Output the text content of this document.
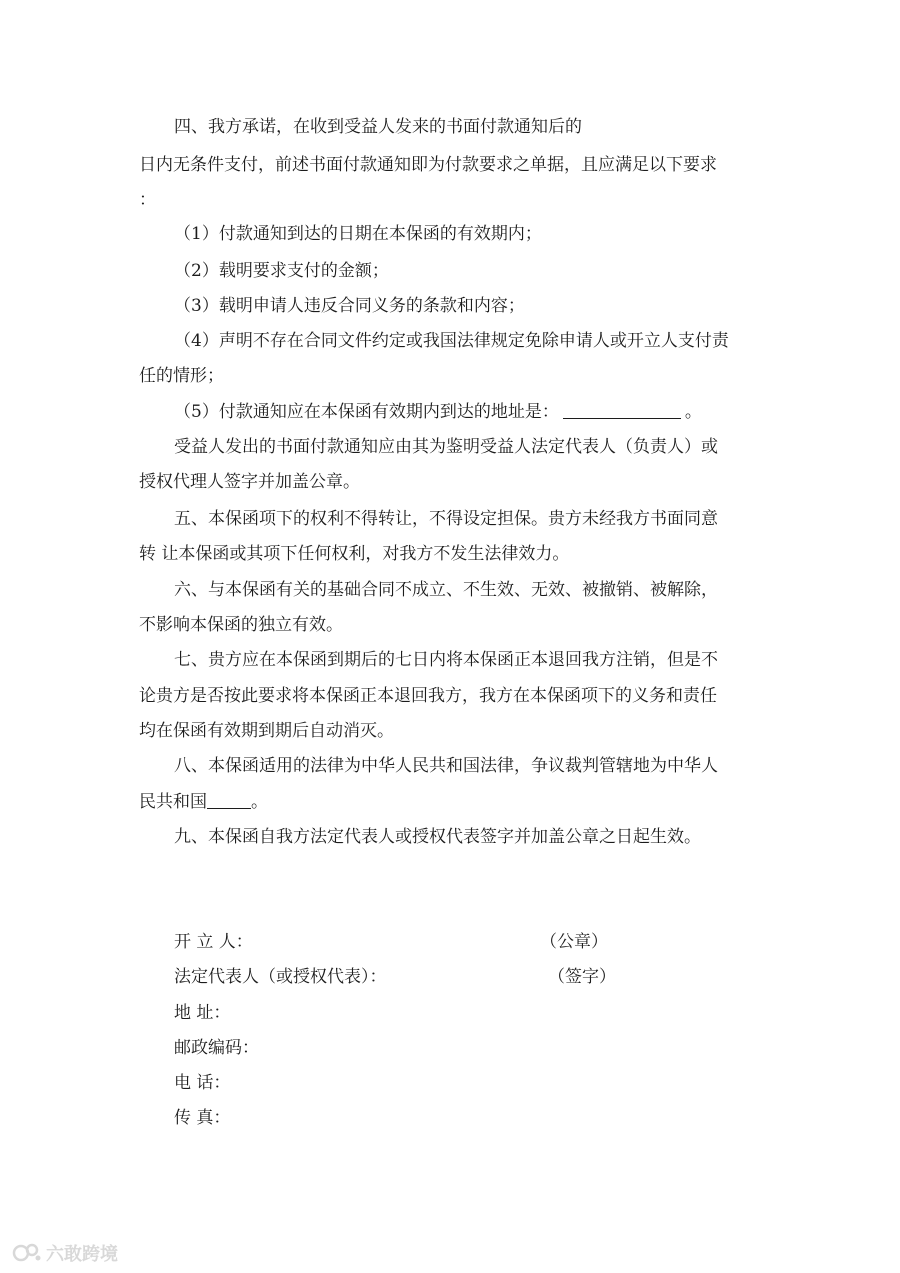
四、我方承诺，在收到受益人发来的书面付款通知后的
日内无条件支付，前述书面付款通知即为付款要求之单据，且应满足以下要求
：
（1）付款通知到达的日期在本保函的有效期内；
（2）载明要求支付的金额；
（3）载明申请人违反合同义务的条款和内容；
（4）声明不存在合同文件约定或我国法律规定免除申请人或开立人支付责
任的情形；
（5）付款通知应在本保函有效期内到达的地址是：	。
受益人发出的书面付款通知应由其为鉴明受益人法定代表人（负责人）或
授权代理人签字并加盖公章。
五、本保函项下的权利不得转让，不得设定担保。贵方未经我方书面同意
转 让本保函或其项下任何权利，对我方不发生法律效力。
六、与本保函有关的基础合同不成立、不生效、无效、被撤销、被解除，
不影响本保函的独立有效。
七、贵方应在本保函到期后的七日内将本保函正本退回我方注销，但是不
论贵方是否按此要求将本保函正本退回我方，我方在本保函项下的义务和责任
均在保函有效期到期后自动消灭。
八、本保函适用的法律为中华人民共和国法律，争议裁判管辖地为中华人
民共和国	。
九、本保函自我方法定代表人或授权代表签字并加盖公章之日起生效。
开 立 人：	（公章）
法定代表人（或授权代表）：	（签字）
地 址：
邮政编码：
电 话：
传 真：
六敢跨境
